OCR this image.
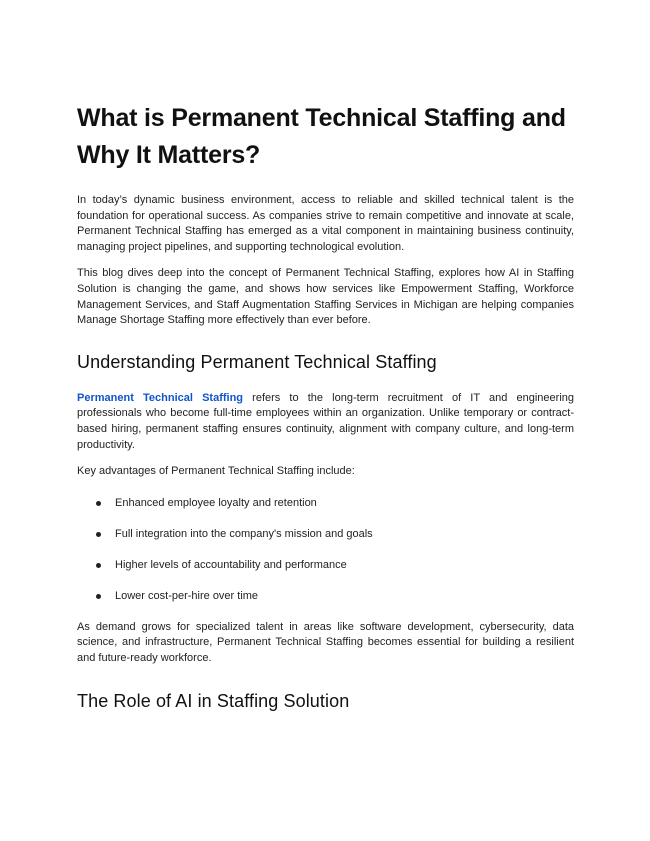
What is Permanent Technical Staffing and Why It Matters?

In today’s dynamic business environment, access to reliable and skilled technical talent is the foundation for operational success. As companies strive to remain competitive and innovate at scale, Permanent Technical Staffing has emerged as a vital component in maintaining business continuity, managing project pipelines, and supporting technological evolution.

This blog dives deep into the concept of Permanent Technical Staffing, explores how AI in Staffing Solution is changing the game, and shows how services like Empowerment Staffing, Workforce Management Services, and Staff Augmentation Staffing Services in Michigan are helping companies Manage Shortage Staffing more effectively than ever before.

Understanding Permanent Technical Staffing

Permanent Technical Staffing refers to the long-term recruitment of IT and engineering professionals who become full-time employees within an organization. Unlike temporary or contract-based hiring, permanent staffing ensures continuity, alignment with company culture, and long-term productivity.

Key advantages of Permanent Technical Staffing include:

Enhanced employee loyalty and retention
Full integration into the company's mission and goals
Higher levels of accountability and performance
Lower cost-per-hire over time

As demand grows for specialized talent in areas like software development, cybersecurity, data science, and infrastructure, Permanent Technical Staffing becomes essential for building a resilient and future-ready workforce.

The Role of AI in Staffing Solution
